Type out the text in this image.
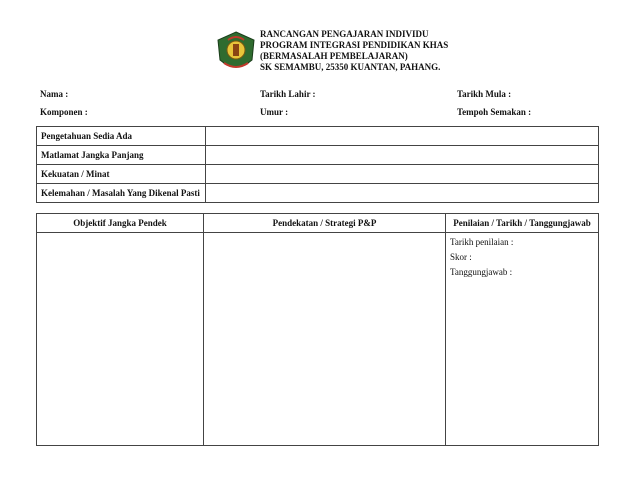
RANCANGAN PENGAJARAN INDIVIDU
PROGRAM INTEGRASI PENDIDIKAN KHAS
(BERMASALAH PEMBELAJARAN)
SK SEMAMBU, 25350 KUANTAN, PAHANG.
Nama :	Tarikh Lahir :	Tarikh Mula :
Komponen :	Umur :	Tempoh Semakan :
Pengetahuan Sedia Ada	
Matlamat Jangka Panjang	
Kekuatan / Minat	
Kelemahan / Masalah Yang Dikenal Pasti	
Objektif Jangka Pendek	Pendekatan / Strategi P&P	Penilaian / Tarikh / Tanggungjawab

		Tarikh penilaian :
Skor :
Tanggungjawab :
